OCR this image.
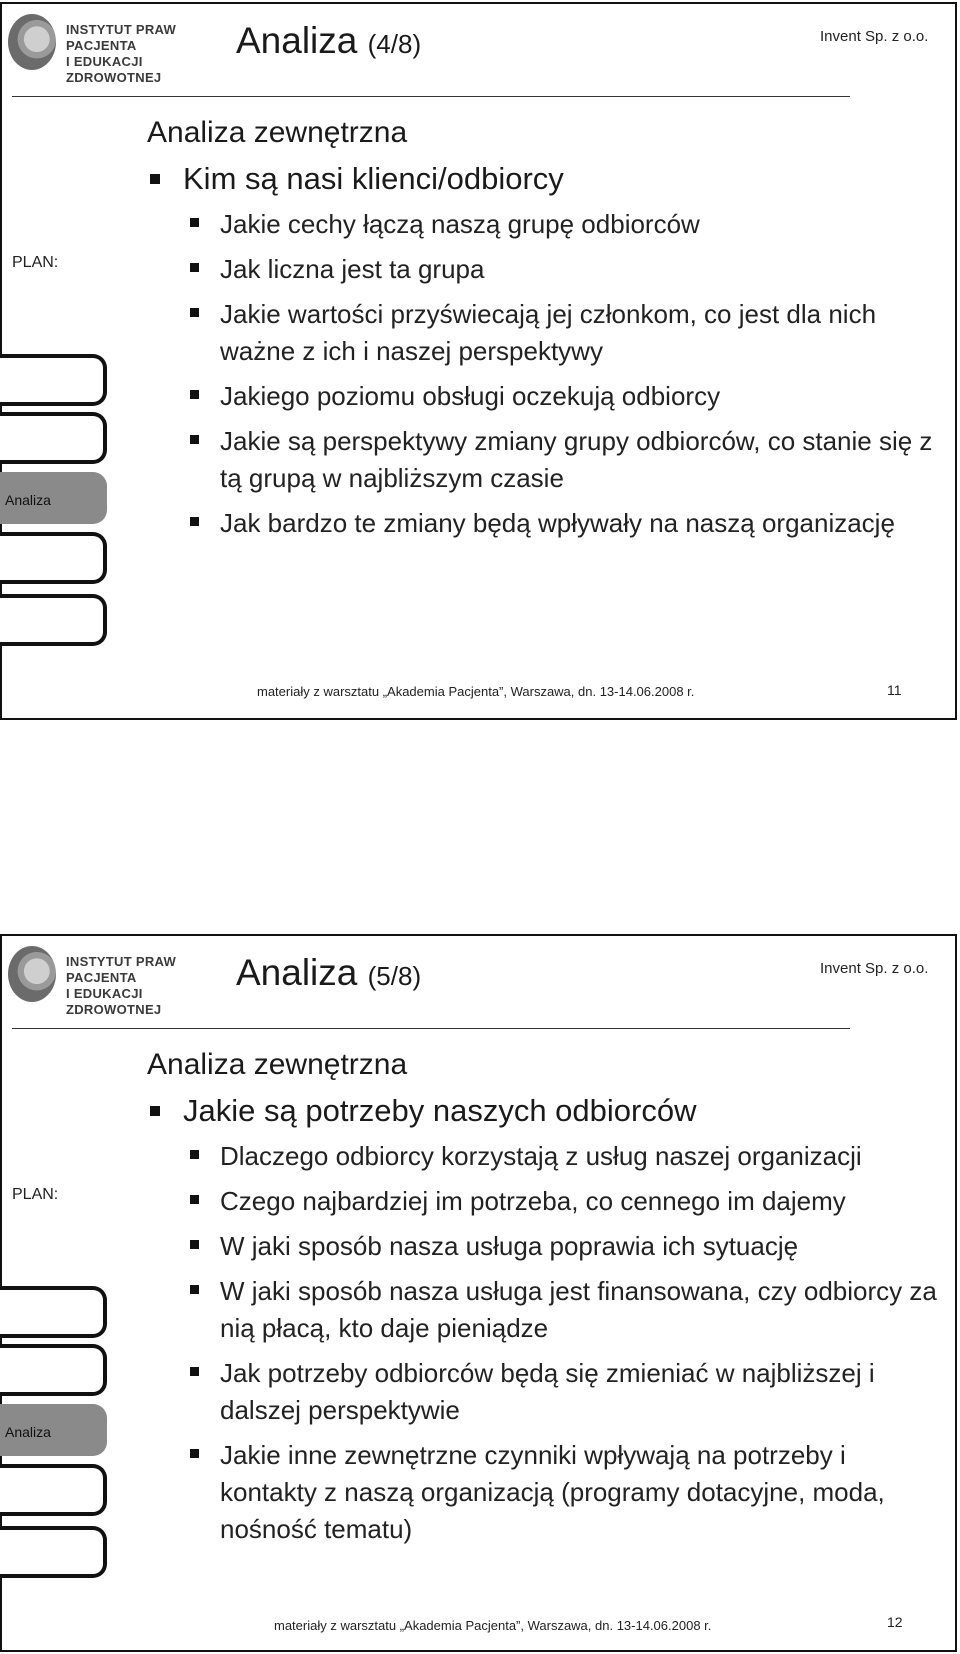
INSTYTUT PRAW PACJENTA
I EDUKACJI ZDROWOTNEJ
Analiza (4/8)	Invent Sp. z o.o.
PLAN:
Analiza
Analiza zewnętrzna
Kim są nasi klienci/odbiorcy
Jakie cechy łączą naszą grupę odbiorców
Jak liczna jest ta grupa
Jakie wartości przyświecają jej członkom, co jest dla nich ważne z ich i naszej perspektywy
Jakiego poziomu obsługi oczekują odbiorcy
Jakie są perspektywy zmiany grupy odbiorców, co stanie się z tą grupą w najbliższym czasie
Jak bardzo te zmiany będą wpływały na naszą organizację
materiały z warsztatu „Akademia Pacjenta”, Warszawa, dn. 13-14.06.2008 r.	11
INSTYTUT PRAW PACJENTA
I EDUKACJI ZDROWOTNEJ
Analiza (5/8)	Invent Sp. z o.o.
PLAN:
Analiza
Analiza zewnętrzna
Jakie są potrzeby naszych odbiorców
Dlaczego odbiorcy korzystają z usług naszej organizacji
Czego najbardziej im potrzeba, co cennego im dajemy
W jaki sposób nasza usługa poprawia ich sytuację
W jaki sposób nasza usługa jest finansowana, czy odbiorcy za nią płacą, kto daje pieniądze
Jak potrzeby odbiorców będą się zmieniać w najbliższej i dalszej perspektywie
Jakie inne zewnętrzne czynniki wpływają na potrzeby i kontakty z naszą organizacją (programy dotacyjne, moda, nośność tematu)
materiały z warsztatu „Akademia Pacjenta”, Warszawa, dn. 13-14.06.2008 r.	12
